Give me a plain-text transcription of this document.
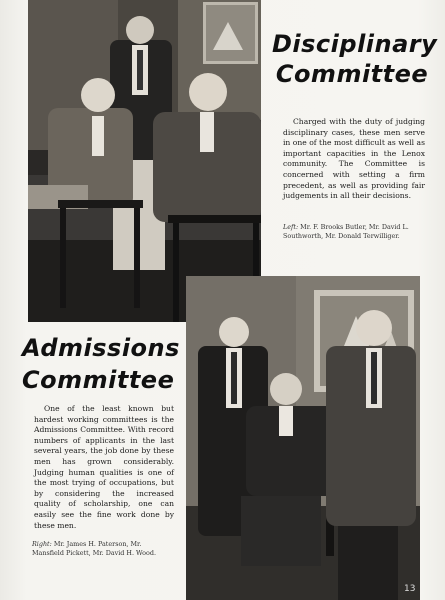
Disciplinary
Committee

Charged with the duty of judging disciplinary cases, these men serve in one of the most difficult as well as important capacities in the Lenox community. The Committee is concerned with setting a firm precedent, as well as providing fair judgements in all their decisions.

Left: Mr. F. Brooks Butler, Mr. David L. Southworth, Mr. Donald Terwilliger.

Admissions
Committee

One of the least known but hardest working committees is the Admissions Committee. With record numbers of applicants in the last several years, the job done by these men has grown considerably. Judging human qualities is one of the most trying of occupations, but by considering the increased quality of scholarship, one can easily see the fine work done by these men.

Right: Mr. James H. Paterson, Mr. Mansfield Pickett, Mr. David H. Wood.

13
